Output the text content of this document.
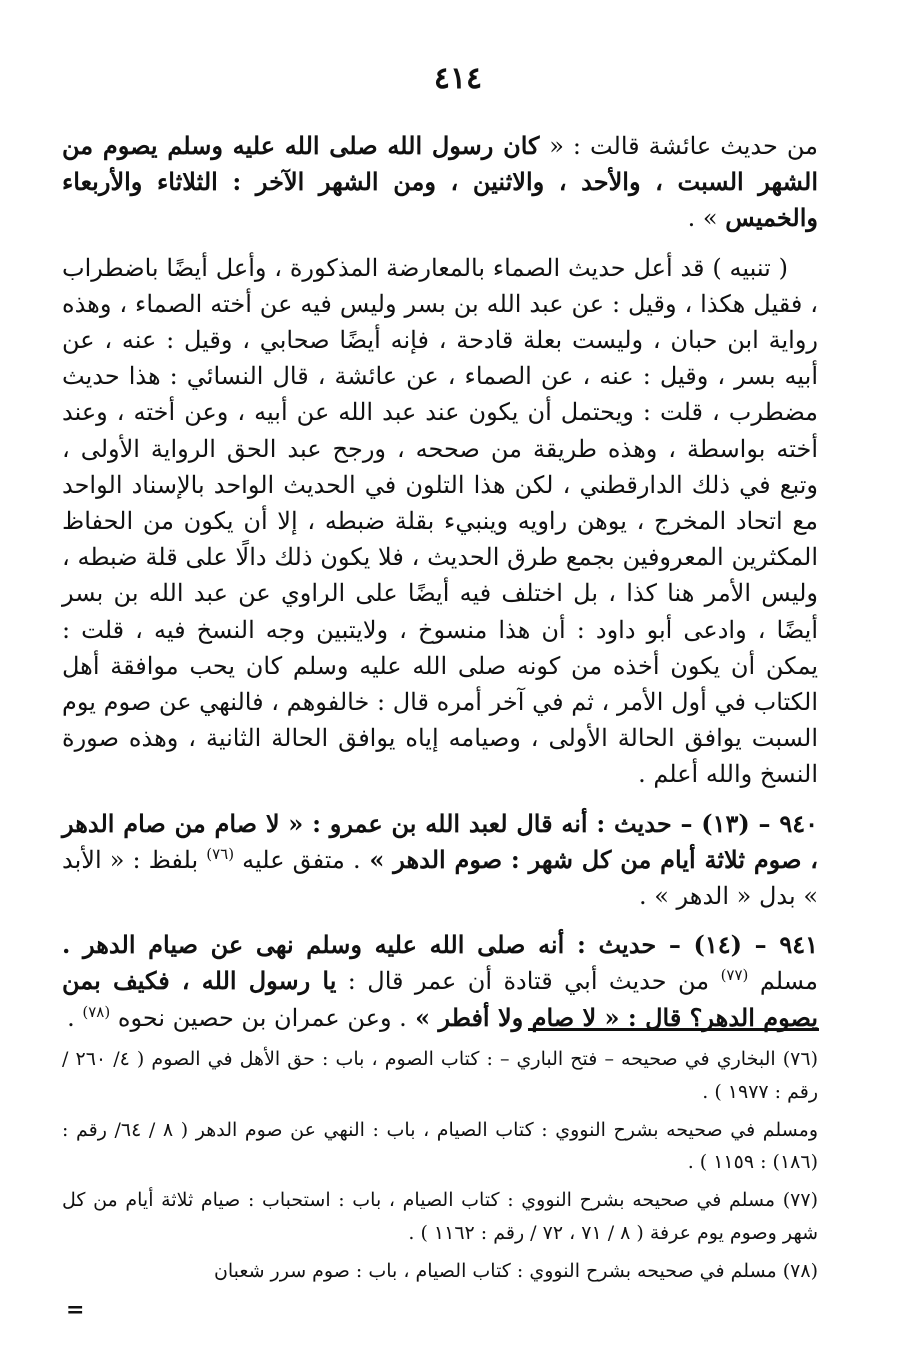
٤١٤

من حديث عائشة قالت : « كان رسول الله صلى الله عليه وسلم يصوم من الشهر السبت ، والأحد ، والاثنين ، ومن الشهر الآخر : الثلاثاء والأربعاء والخميس » .

( تنبيه ) قد أعل حديث الصماء بالمعارضة المذكورة ، وأعل أيضًا باضطراب ، فقيل هكذا ، وقيل : عن عبد الله بن بسر وليس فيه عن أخته الصماء ، وهذه رواية ابن حبان ، وليست بعلة قادحة ، فإنه أيضًا صحابي ، وقيل : عنه ، عن أبيه بسر ، وقيل : عنه ، عن الصماء ، عن عائشة ، قال النسائي : هذا حديث مضطرب ، قلت : ويحتمل أن يكون عند عبد الله عن أبيه ، وعن أخته ، وعند أخته بواسطة ، وهذه طريقة من صححه ، ورجح عبد الحق الرواية الأولى ، وتبع في ذلك الدارقطني ، لكن هذا التلون في الحديث الواحد بالإسناد الواحد مع اتحاد المخرج ، يوهن راويه وينبيء بقلة ضبطه ، إلا أن يكون من الحفاظ المكثرين المعروفين بجمع طرق الحديث ، فلا يكون ذلك دالًا على قلة ضبطه ، وليس الأمر هنا كذا ، بل اختلف فيه أيضًا على الراوي عن عبد الله بن بسر أيضًا ، وادعى أبو داود : أن هذا منسوخ ، ولايتبين وجه النسخ فيه ، قلت : يمكن أن يكون أخذه من كونه صلى الله عليه وسلم كان يحب موافقة أهل الكتاب في أول الأمر ، ثم في آخر أمره قال : خالفوهم ، فالنهي عن صوم يوم السبت يوافق الحالة الأولى ، وصيامه إياه يوافق الحالة الثانية ، وهذه صورة النسخ والله أعلم .

٩٤٠ – (١٣) – حديث : أنه قال لعبد الله بن عمرو : « لا صام من صام الدهر ، صوم ثلاثة أيام من كل شهر : صوم الدهر » . متفق عليه $^{(٧٦)}$ بلفظ : « الأبد » بدل « الدهر » .

٩٤١ – (١٤) – حديث : أنه صلى الله عليه وسلم نهى عن صيام الدهر . مسلم $^{(٧٧)}$ من حديث أبي قتادة أن عمر قال : يا رسول الله ، فكيف بمن يصوم الدهر؟ قال : « لا صام ولا أفطر » . وعن عمران بن حصين نحوه $^{(٧٨)}$ .

(٧٦) البخاري في صحيحه – فتح الباري – : كتاب الصوم ، باب : حق الأهل في الصوم ( ٤/ ٢٦٠ / رقم : ١٩٧٧ ) .

ومسلم في صحيحه بشرح النووي : كتاب الصيام ، باب : النهي عن صوم الدهر ( ٨ / ٦٤/ رقم : (١٨٦) : ١١٥٩ ) .

(٧٧) مسلم في صحيحه بشرح النووي : كتاب الصيام ، باب : استحباب : صيام ثلاثة أيام من كل شهر وصوم يوم عرفة ( ٨ / ٧١ ، ٧٢ / رقم : ١١٦٢ ) .

(٧٨) مسلم في صحيحه بشرح النووي : كتاب الصيام ، باب : صوم سرر شعبان

=
